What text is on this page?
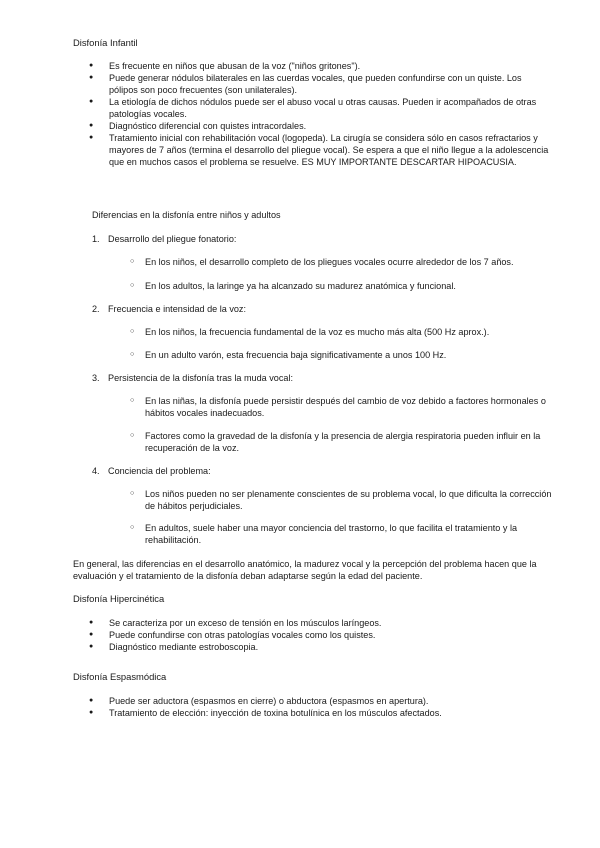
Disfonía Infantil
● Es frecuente en niños que abusan de la voz ("niños gritones").
● Puede generar nódulos bilaterales en las cuerdas vocales, que pueden confundirse con un quiste. Los pólipos son poco frecuentes (son unilaterales).
● La etiología de dichos nódulos puede ser el abuso vocal u otras causas. Pueden ir acompañados de otras patologías vocales.
● Diagnóstico diferencial con quistes intracordales.
● Tratamiento inicial con rehabilitación vocal (logopeda). La cirugía se considera sólo en casos refractarios y mayores de 7 años (termina el desarrollo del pliegue vocal). Se espera a que el niño llegue a la adolescencia que en muchos casos el problema se resuelve. ES MUY IMPORTANTE DESCARTAR HIPOACUSIA.
Diferencias en la disfonía entre niños y adultos
1. Desarrollo del pliegue fonatorio:
○ En los niños, el desarrollo completo de los pliegues vocales ocurre alrededor de los 7 años.
○ En los adultos, la laringe ya ha alcanzado su madurez anatómica y funcional.
2. Frecuencia e intensidad de la voz:
○ En los niños, la frecuencia fundamental de la voz es mucho más alta (500 Hz aprox.).
○ En un adulto varón, esta frecuencia baja significativamente a unos 100 Hz.
3. Persistencia de la disfonía tras la muda vocal:
○ En las niñas, la disfonía puede persistir después del cambio de voz debido a factores hormonales o hábitos vocales inadecuados.
○ Factores como la gravedad de la disfonía y la presencia de alergia respiratoria pueden influir en la recuperación de la voz.
4. Conciencia del problema:
○ Los niños pueden no ser plenamente conscientes de su problema vocal, lo que dificulta la corrección de hábitos perjudiciales.
○ En adultos, suele haber una mayor conciencia del trastorno, lo que facilita el tratamiento y la rehabilitación.
En general, las diferencias en el desarrollo anatómico, la madurez vocal y la percepción del problema hacen que la evaluación y el tratamiento de la disfonía deban adaptarse según la edad del paciente.
Disfonía Hipercinética
● Se caracteriza por un exceso de tensión en los músculos laríngeos.
● Puede confundirse con otras patologías vocales como los quistes.
● Diagnóstico mediante estroboscopia.
Disfonía Espasmódica
● Puede ser aductora (espasmos en cierre) o abductora (espasmos en apertura).
● Tratamiento de elección: inyección de toxina botulínica en los músculos afectados.
